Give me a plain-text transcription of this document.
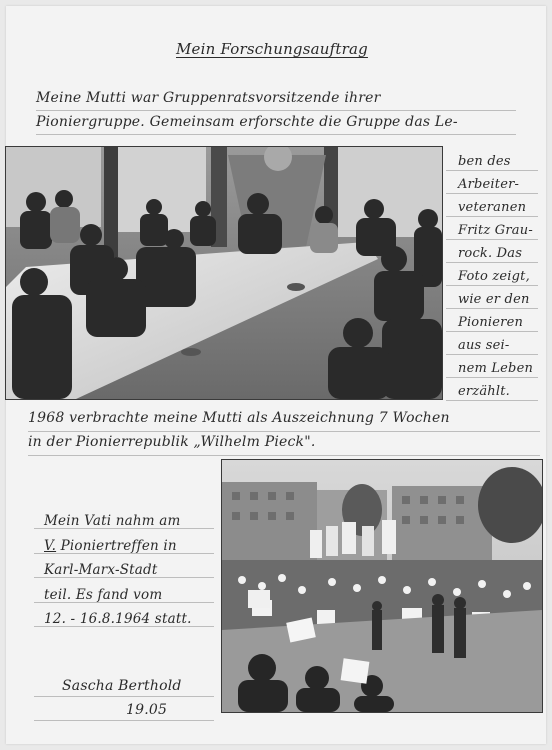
Mein Forschungsauftrag
Meine Mutti war Gruppenratsvorsitzende ihrer
Pioniergruppe. Gemeinsam erforschte die Gruppe das Le-
ben des
Arbeiter-
veteranen
Fritz Grau-
rock. Das
Foto zeigt,
wie er den
Pionieren
aus sei-
nem Leben
erzählt.
1968 verbrachte meine Mutti als Auszeichnung 7 Wochen
in der Pionierrepublik „Wilhelm Pieck".
Mein Vati nahm am
V. Pioniertreffen in
Karl-Marx-Stadt
teil. Es fand vom
12. - 16.8.1964 statt.
Sascha Berthold
19.05
